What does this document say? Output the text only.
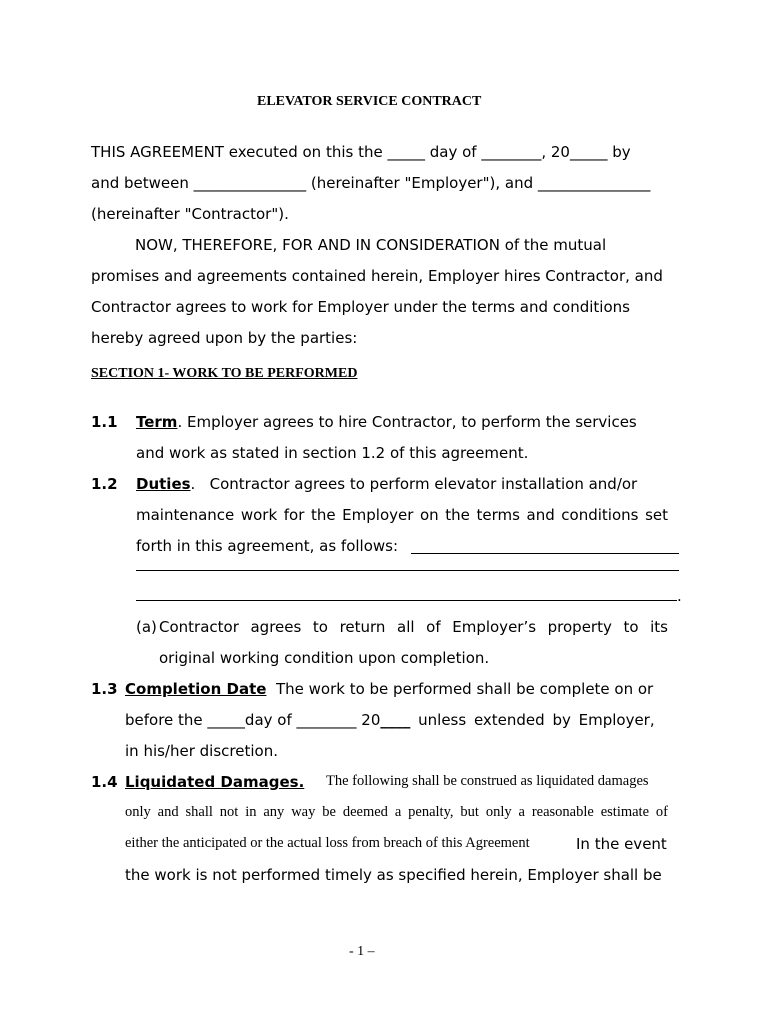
ELEVATOR SERVICE CONTRACT
THIS AGREEMENT executed on this the _____ day of ________, 20_____ by
and between _______________ (hereinafter "Employer"), and _______________
(hereinafter "Contractor").
NOW, THEREFORE, FOR AND IN CONSIDERATION of the mutual
promises and agreements contained herein, Employer hires Contractor, and
Contractor agrees to work for Employer under the terms and conditions
hereby agreed upon by the parties:
SECTION 1- WORK TO BE PERFORMED
1.1 Term. Employer agrees to hire Contractor, to perform the services
and work as stated in section 1.2 of this agreement.
1.2 Duties.   Contractor agrees to perform elevator installation and/or
maintenance work for the Employer on the terms and conditions set
forth in this agreement, as follows:
.
(a) Contractor agrees to return all of Employer’s property to its
original working condition upon completion.
1.3 Completion Date  The work to be performed shall be complete on or
before the _____day of ________ 20____ unless extended by Employer,
in his/her discretion.
1.4 Liquidated Damages. The following shall be construed as liquidated damages
only and shall not in any way be deemed a penalty, but only a reasonable estimate of
either the anticipated or the actual loss from breach of this Agreement	In the event
the work is not performed timely as specified herein, Employer shall be
- 1 –
